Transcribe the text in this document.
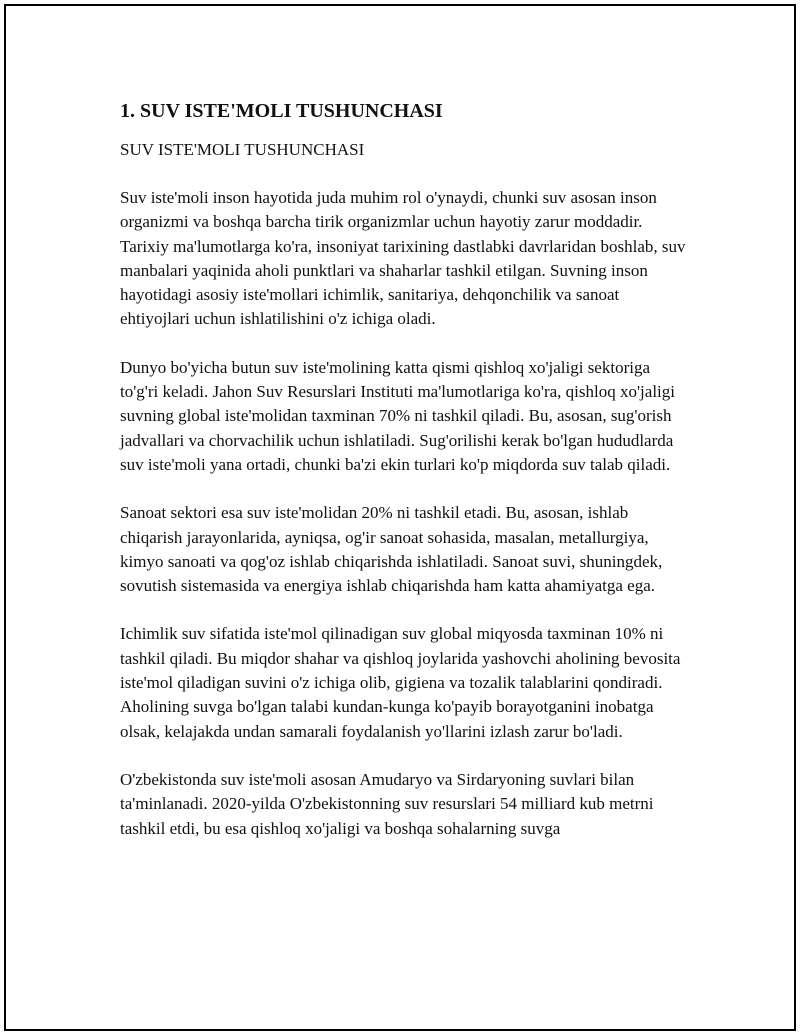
1. SUV ISTE'MOLI TUSHUNCHASI
SUV ISTE'MOLI TUSHUNCHASI

Suv iste'moli inson hayotida juda muhim rol o'ynaydi, chunki suv asosan inson organizmi va boshqa barcha tirik organizmlar uchun hayotiy zarur moddadir. Tarixiy ma'lumotlarga ko'ra, insoniyat tarixining dastlabki davrlaridan boshlab, suv manbalari yaqinida aholi punktlari va shaharlar tashkil etilgan. Suvning inson hayotidagi asosiy iste'mollari ichimlik, sanitariya, dehqonchilik va sanoat ehtiyojlari uchun ishlatilishini o'z ichiga oladi.

Dunyo bo'yicha butun suv iste'molining katta qismi qishloq xo'jaligi sektoriga to'g'ri keladi. Jahon Suv Resurslari Instituti ma'lumotlariga ko'ra, qishloq xo'jaligi suvning global iste'molidan taxminan 70% ni tashkil qiladi. Bu, asosan, sug'orish jadvallari va chorvachilik uchun ishlatiladi. Sug'orilishi kerak bo'lgan hududlarda suv iste'moli yana ortadi, chunki ba'zi ekin turlari ko'p miqdorda suv talab qiladi.

Sanoat sektori esa suv iste'molidan 20% ni tashkil etadi. Bu, asosan, ishlab chiqarish jarayonlarida, ayniqsa, og'ir sanoat sohasida, masalan, metallurgiya, kimyo sanoati va qog'oz ishlab chiqarishda ishlatiladi. Sanoat suvi, shuningdek, sovutish sistemasida va energiya ishlab chiqarishda ham katta ahamiyatga ega.

Ichimlik suv sifatida iste'mol qilinadigan suv global miqyosda taxminan 10% ni tashkil qiladi. Bu miqdor shahar va qishloq joylarida yashovchi aholining bevosita iste'mol qiladigan suvini o'z ichiga olib, gigiena va tozalik talablarini qondiradi. Aholining suvga bo'lgan talabi kundan-kunga ko'payib borayotganini inobatga olsak, kelajakda undan samarali foydalanish yo'llarini izlash zarur bo'ladi.

O'zbekistonda suv iste'moli asosan Amudaryo va Sirdaryoning suvlari bilan ta'minlanadi. 2020-yilda O'zbekistonning suv resurslari 54 milliard kub metrni tashkil etdi, bu esa qishloq xo'jaligi va boshqa sohalarning suvga
